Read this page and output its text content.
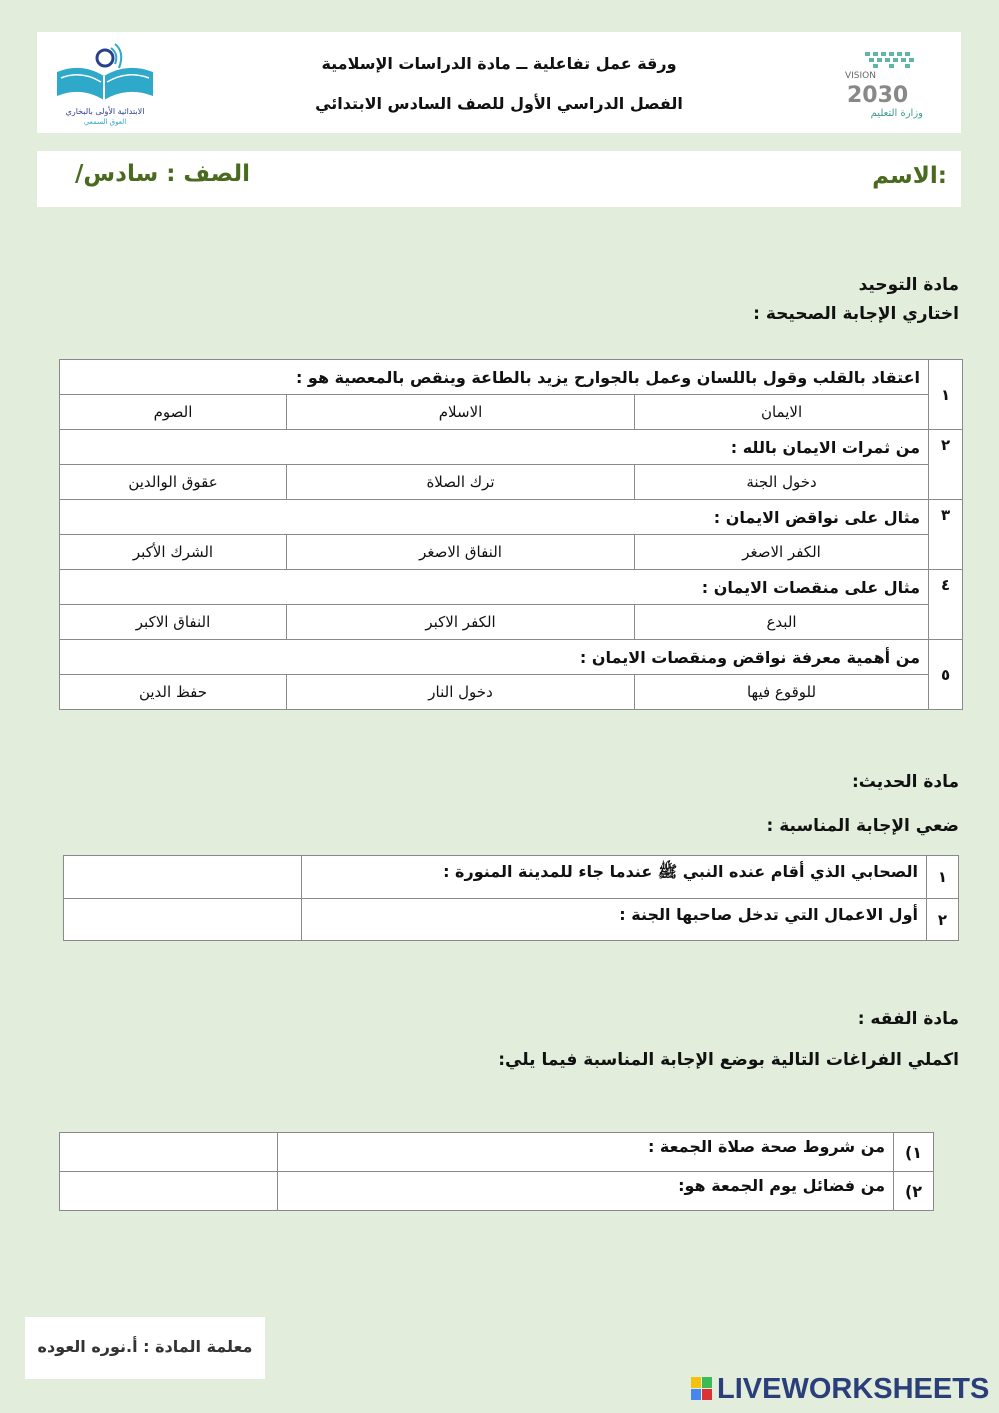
الابتدائية الأولى بالبخاري
العوق السمعي
ورقة عمل تفاعلية ــ مادة الدراسات الإسلامية
الفصل الدراسي الأول للصف السادس الابتدائي
VISION
2030
وزارة التعليم
الاسم:
الصف : سادس/
مادة التوحيد
اختاري الإجابة الصحيحة :
١	اعتقاد بالقلب وقول باللسان وعمل بالجوارح يزيد بالطاعة وينقص بالمعصية هو :		
	الايمان	الاسلام	الصوم
٢	من ثمرات الايمان بالله :		
	دخول الجنة	ترك الصلاة	عقوق الوالدين
٣	مثال على نواقض الايمان :		
	الكفر الاصغر	النفاق الاصغر	الشرك الأكبر
٤	مثال على منقصات الايمان :		
	البدع	الكفر الاكبر	النفاق الاكبر
٥	من أهمية معرفة نواقض ومنقصات الايمان :		
	للوقوع فيها	دخول النار	حفظ الدين
مادة الحديث:
ضعي الإجابة المناسبة :
١	الصحابي الذي أقام عنده النبي ﷺ عندما جاء للمدينة المنورة :	
٢	أول الاعمال التي تدخل صاحبها الجنة :	
مادة الفقه :
اكملي الفراغات التالية بوضع الإجابة المناسبة فيما يلي:
١)	من شروط صحة صلاة الجمعة :	
٢)	من فضائل يوم الجمعة هو:	
معلمة المادة : أ.نوره العوده
LIVEWORKSHEETS
